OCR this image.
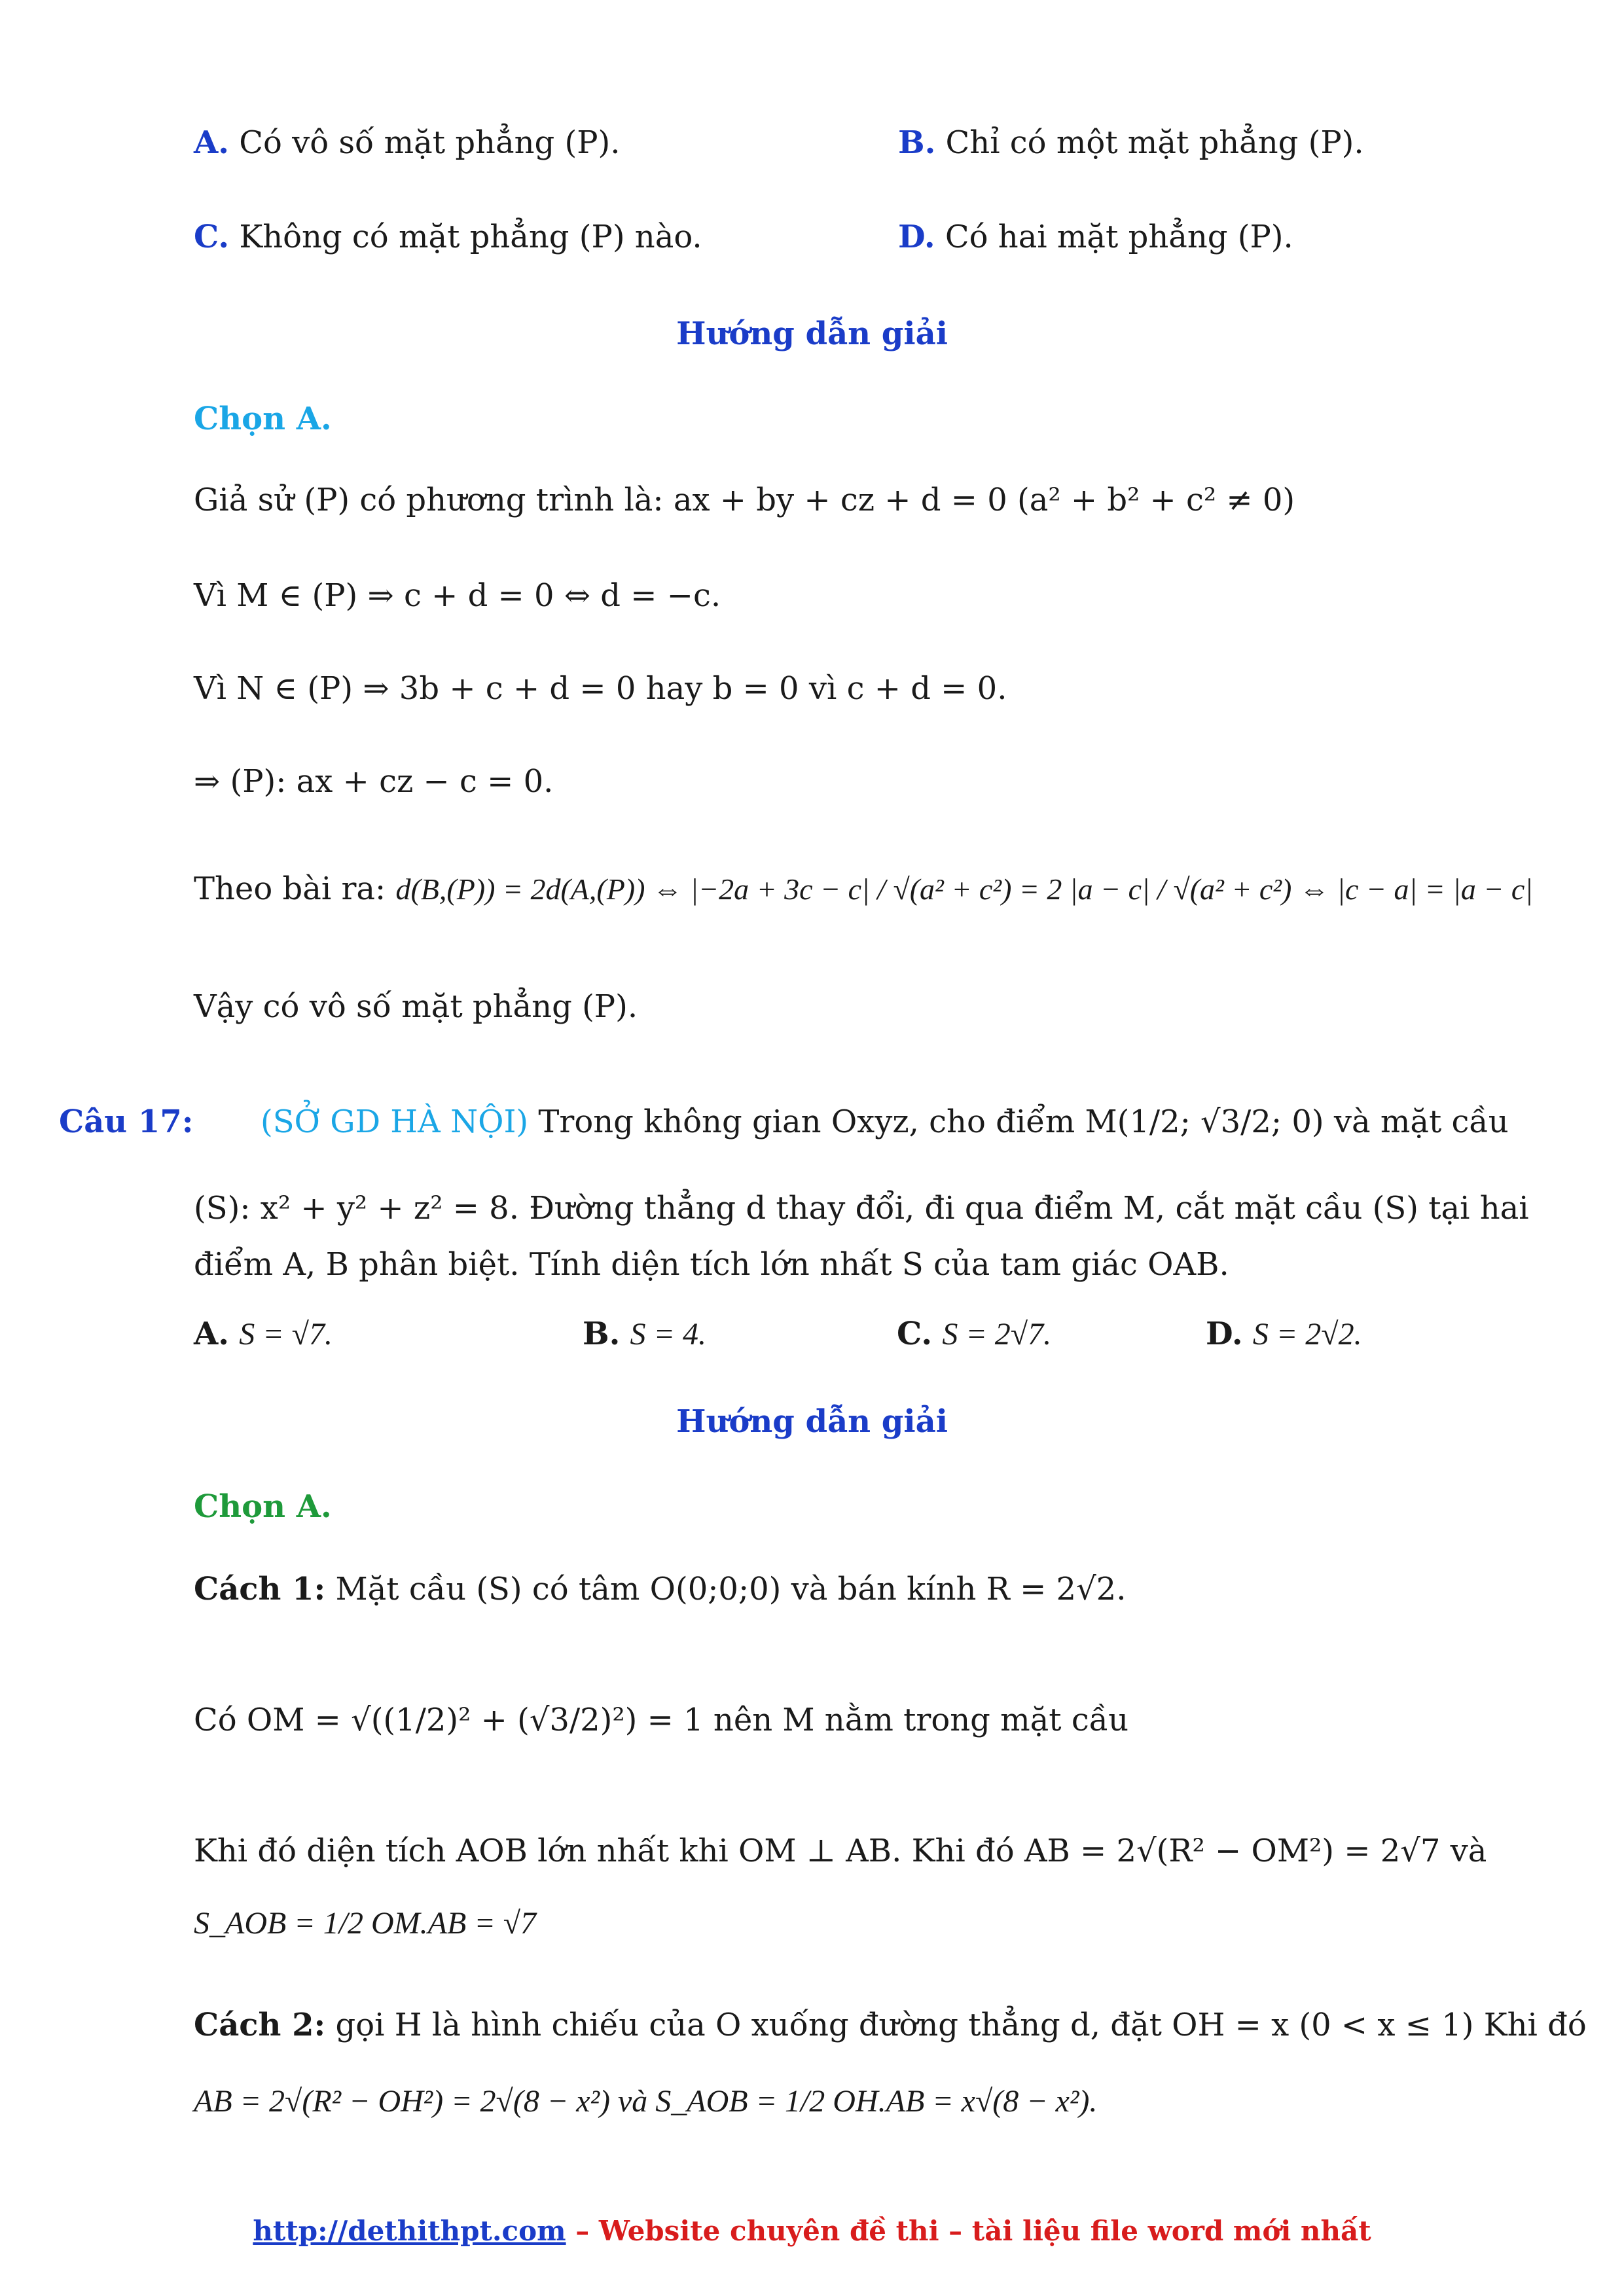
A. Có vô số mặt phẳng (P).	B. Chỉ có một mặt phẳng (P).
C. Không có mặt phẳng (P) nào.	D. Có hai mặt phẳng (P).
Hướng dẫn giải
Chọn A.
Giả sử (P) có phương trình là: ax + by + cz + d = 0 (a² + b² + c² ≠ 0)
Vì M ∈ (P) ⇒ c + d = 0 ⇔ d = −c.
Vì N ∈ (P) ⇒ 3b + c + d = 0 hay b = 0 vì c + d = 0.
⇒ (P): ax + cz − c = 0.
Theo bài ra: d(B,(P)) = 2d(A,(P)) ⇔ |−2a + 3c − c| / √(a² + c²) = 2 |a − c| / √(a² + c²) ⇔ |c − a| = |a − c|
Vậy có vô số mặt phẳng (P).
Câu 17: (SỞ GD HÀ NỘI) Trong không gian Oxyz, cho điểm M(1/2; √3/2; 0) và mặt cầu
(S): x² + y² + z² = 8. Đường thẳng d thay đổi, đi qua điểm M, cắt mặt cầu (S) tại hai
điểm A, B phân biệt. Tính diện tích lớn nhất S của tam giác OAB.
A. S = √7.	B. S = 4.	C. S = 2√7.	D. S = 2√2.
Hướng dẫn giải
Chọn A.
Cách 1: Mặt cầu (S) có tâm O(0;0;0) và bán kính R = 2√2.
Có OM = √((1/2)² + (√3/2)²) = 1 nên M nằm trong mặt cầu
Khi đó diện tích AOB lớn nhất khi OM ⊥ AB. Khi đó AB = 2√(R² − OM²) = 2√7 và
S_AOB = 1/2 OM.AB = √7
Cách 2: gọi H là hình chiếu của O xuống đường thẳng d, đặt OH = x (0 < x ≤ 1) Khi đó
AB = 2√(R² − OH²) = 2√(8 − x²) và S_AOB = 1/2 OH.AB = x√(8 − x²).
http://dethithpt.com – Website chuyên đề thi – tài liệu file word mới nhất
